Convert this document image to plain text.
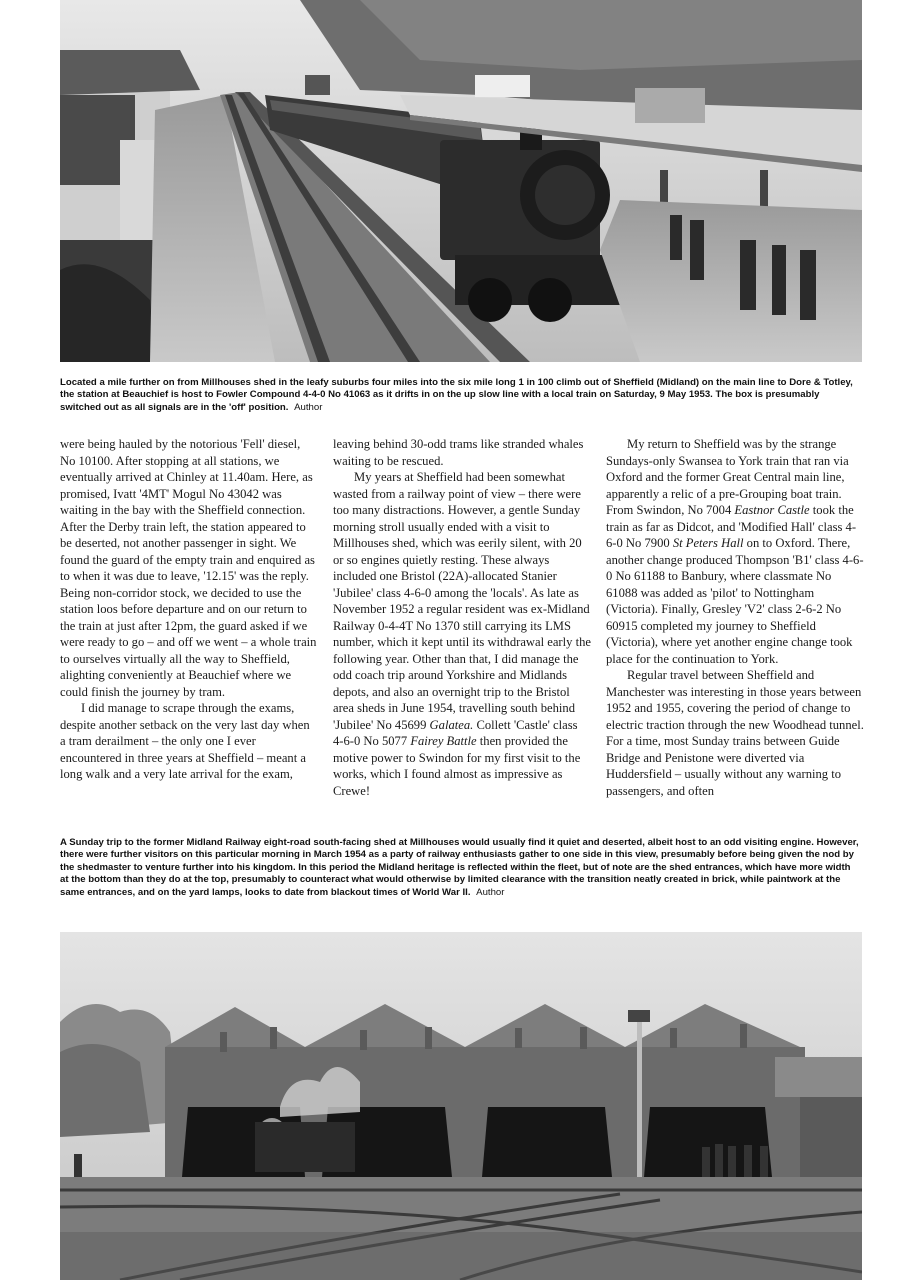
Located a mile further on from Millhouses shed in the leafy suburbs four miles into the six mile long 1 in 100 climb out of Sheffield (Midland) on the main line to Dore & Totley, the station at Beauchief is host to Fowler Compound 4-4-0 No 41063 as it drifts in on the up slow line with a local train on Saturday, 9 May 1953. The box is presumably switched out as all signals are in the 'off' position. Author

were being hauled by the notorious 'Fell' diesel, No 10100. After stopping at all stations, we eventually arrived at Chinley at 11.40am. Here, as promised, Ivatt '4MT' Mogul No 43042 was waiting in the bay with the Sheffield connection. After the Derby train left, the station appeared to be deserted, not another passenger in sight. We found the guard of the empty train and enquired as to when it was due to leave, '12.15' was the reply. Being non-corridor stock, we decided to use the station loos before departure and on our return to the train at just after 12pm, the guard asked if we were ready to go – and off we went – a whole train to ourselves virtually all the way to Sheffield, alighting conveniently at Beauchief where we could finish the journey by tram.

I did manage to scrape through the exams, despite another setback on the very last day when a tram derailment – the only one I ever encountered in three years at Sheffield – meant a long walk and a very late arrival for the exam,

leaving behind 30-odd trams like stranded whales waiting to be rescued.

My years at Sheffield had been somewhat wasted from a railway point of view – there were too many distractions. However, a gentle Sunday morning stroll usually ended with a visit to Millhouses shed, which was eerily silent, with 20 or so engines quietly resting. These always included one Bristol (22A)-allocated Stanier 'Jubilee' class 4-6-0 among the 'locals'. As late as November 1952 a regular resident was ex-Midland Railway 0-4-4T No 1370 still carrying its LMS number, which it kept until its withdrawal early the following year. Other than that, I did manage the odd coach trip around Yorkshire and Midlands depots, and also an overnight trip to the Bristol area sheds in June 1954, travelling south behind 'Jubilee' No 45699 Galatea. Collett 'Castle' class 4-6-0 No 5077 Fairey Battle then provided the motive power to Swindon for my first visit to the works, which I found almost as impressive as Crewe!

My return to Sheffield was by the strange Sundays-only Swansea to York train that ran via Oxford and the former Great Central main line, apparently a relic of a pre-Grouping boat train. From Swindon, No 7004 Eastnor Castle took the train as far as Didcot, and 'Modified Hall' class 4-6-0 No 7900 St Peters Hall on to Oxford. There, another change produced Thompson 'B1' class 4-6-0 No 61188 to Banbury, where classmate No 61088 was added as 'pilot' to Nottingham (Victoria). Finally, Gresley 'V2' class 2-6-2 No 60915 completed my journey to Sheffield (Victoria), where yet another engine change took place for the continuation to York.

Regular travel between Sheffield and Manchester was interesting in those years between 1952 and 1955, covering the period of change to electric traction through the new Woodhead tunnel. For a time, most Sunday trains between Guide Bridge and Penistone were diverted via Huddersfield – usually without any warning to passengers, and often

A Sunday trip to the former Midland Railway eight-road south-facing shed at Millhouses would usually find it quiet and deserted, albeit host to an odd visiting engine. However, there were further visitors on this particular morning in March 1954 as a party of railway enthusiasts gather to one side in this view, presumably before being given the nod by the shedmaster to venture further into his kingdom. In this period the Midland heritage is reflected within the fleet, but of note are the shed entrances, which have more width at the bottom than they do at the top, presumably to counteract what would otherwise by limited clearance with the transition neatly created in brick, while paintwork at the same entrances, and on the yard lamps, looks to date from blackout times of World War II. Author
